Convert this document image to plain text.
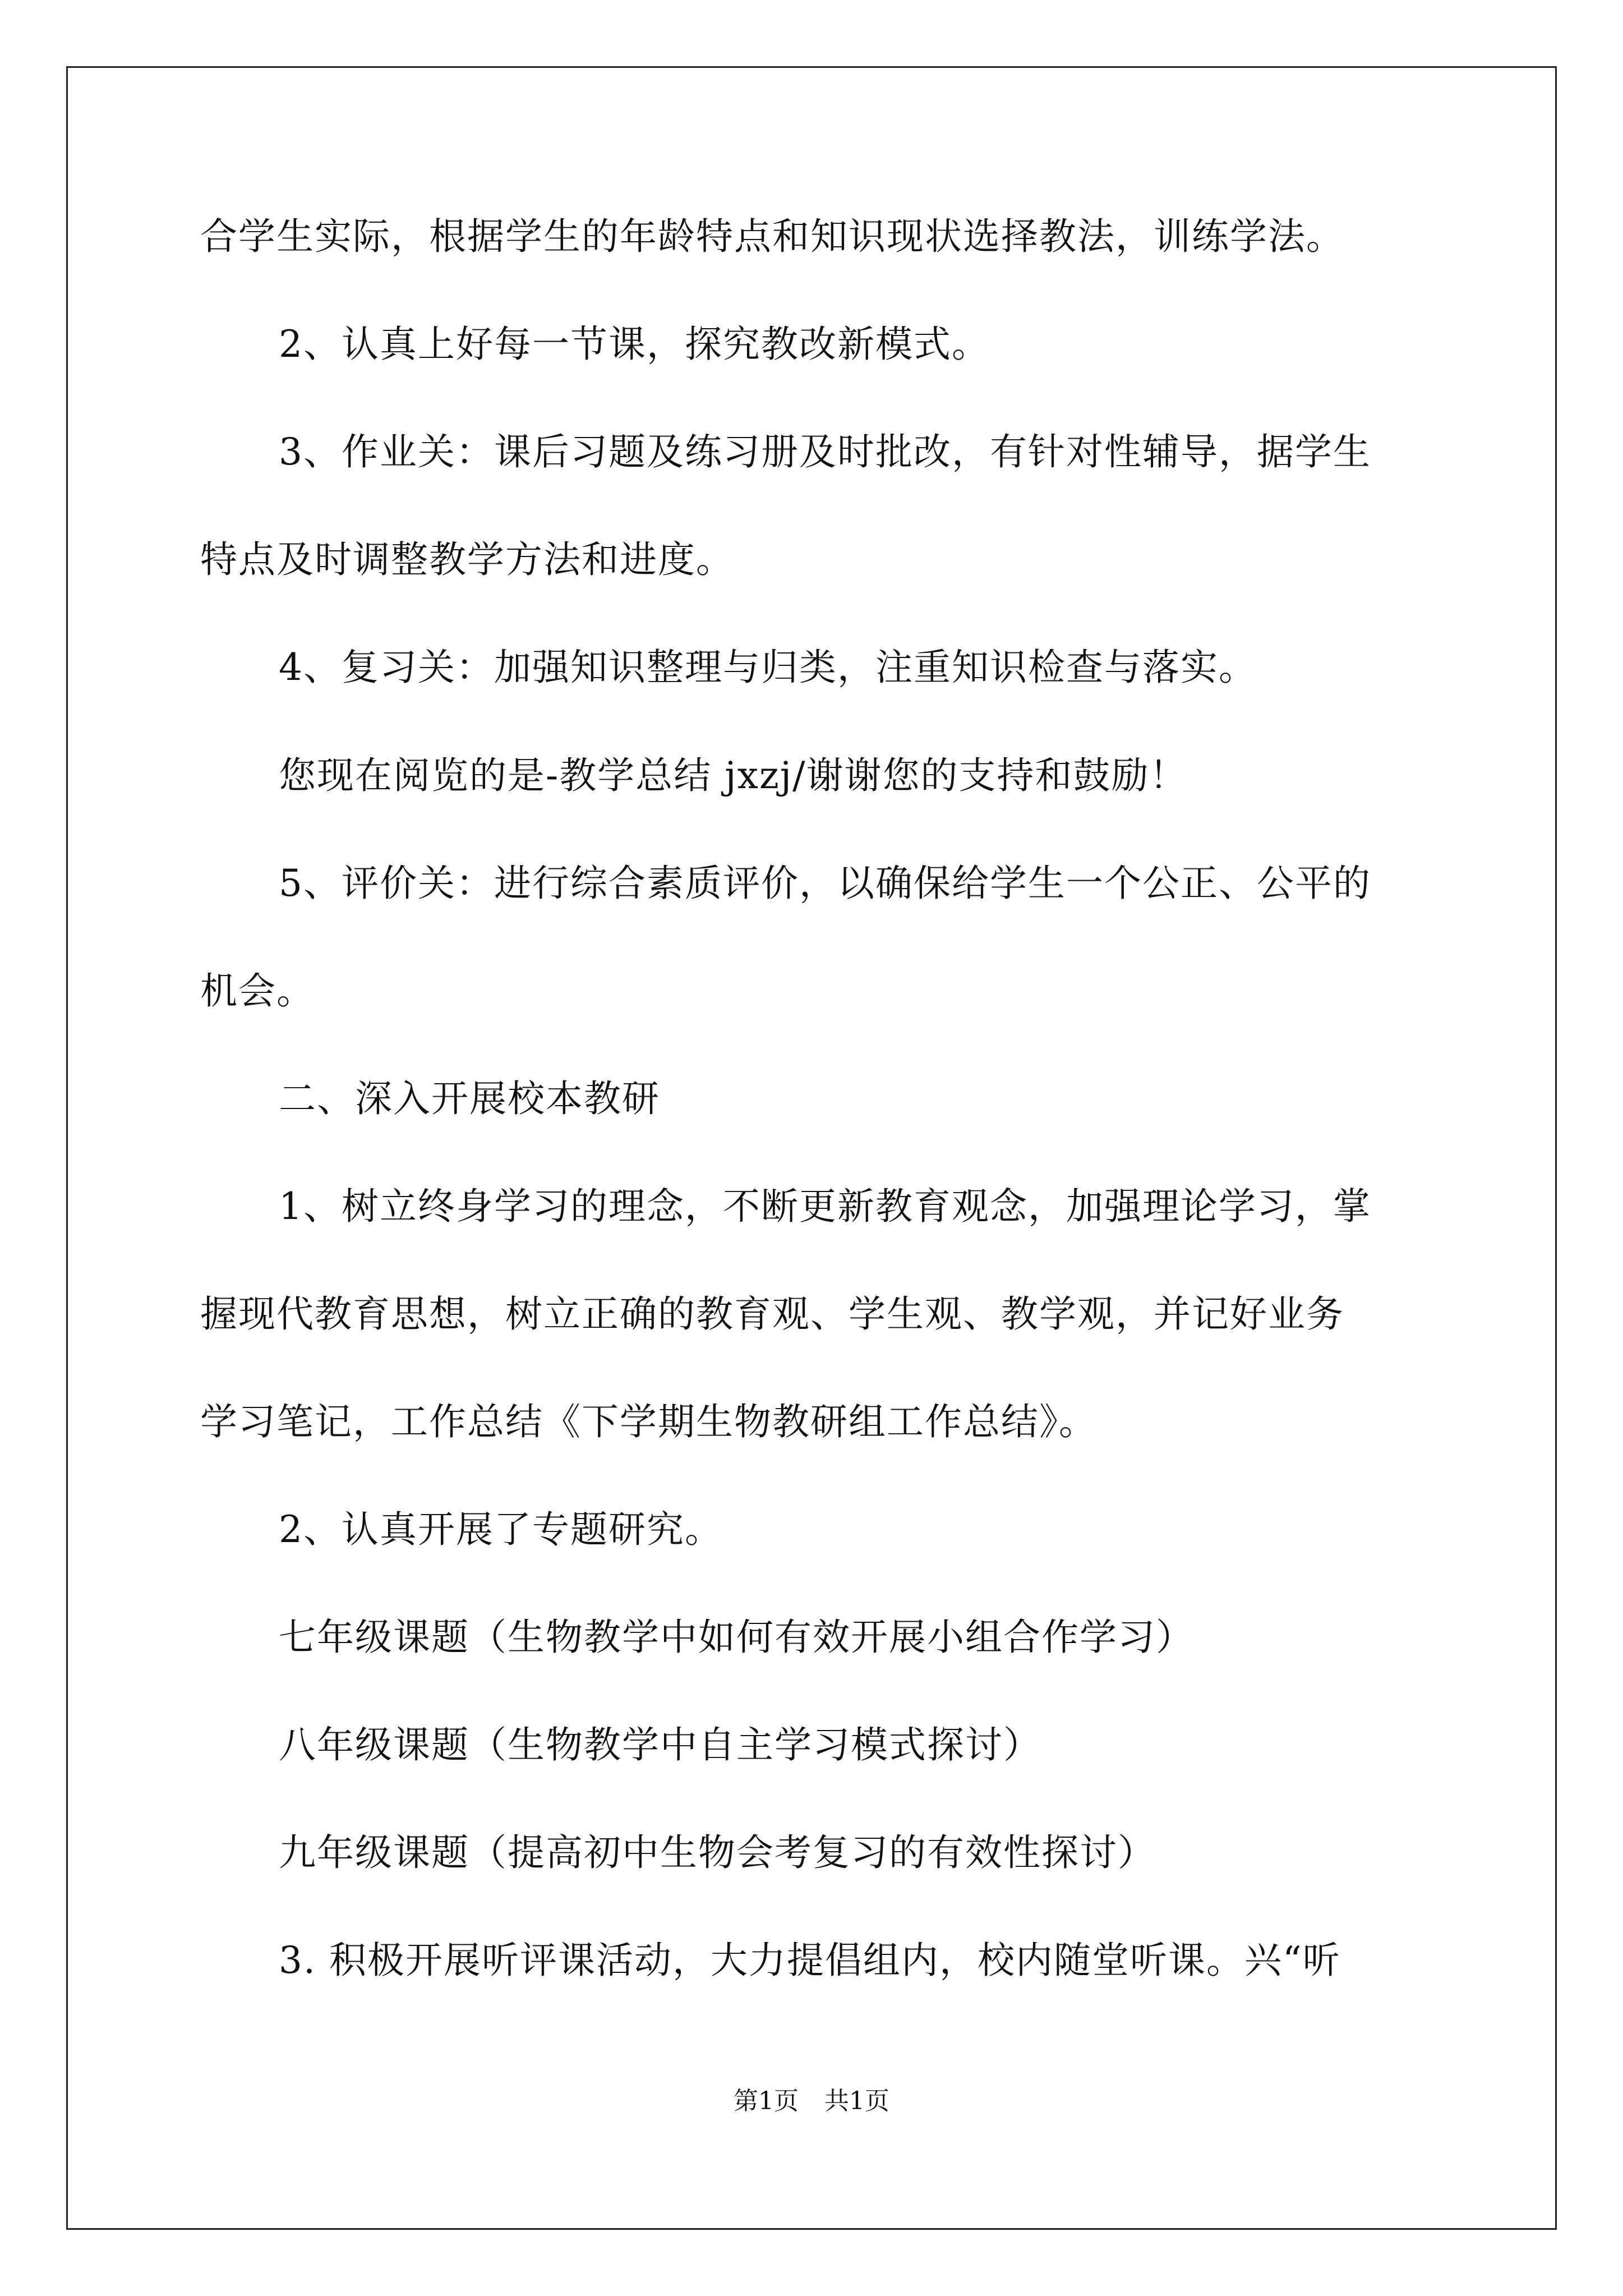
合学生实际，根据学生的年龄特点和知识现状选择教法，训练学法。
2、认真上好每一节课，探究教改新模式。
3、作业关：课后习题及练习册及时批改，有针对性辅导，据学生
特点及时调整教学方法和进度。
4、复习关：加强知识整理与归类，注重知识检查与落实。
您现在阅览的是-教学总结 jxzj/谢谢您的支持和鼓励！
5、评价关：进行综合素质评价，以确保给学生一个公正、公平的
机会。
二、深入开展校本教研
1、树立终身学习的理念，不断更新教育观念，加强理论学习，掌
握现代教育思想，树立正确的教育观、学生观、教学观，并记好业务
学习笔记，工作总结《下学期生物教研组工作总结》。
2、认真开展了专题研究。
七年级课题（生物教学中如何有效开展小组合作学习）
八年级课题（生物教学中自主学习模式探讨）
九年级课题（提高初中生物会考复习的有效性探讨）
3. 积极开展听评课活动，大力提倡组内，校内随堂听课。兴“听
第1页 共1页
